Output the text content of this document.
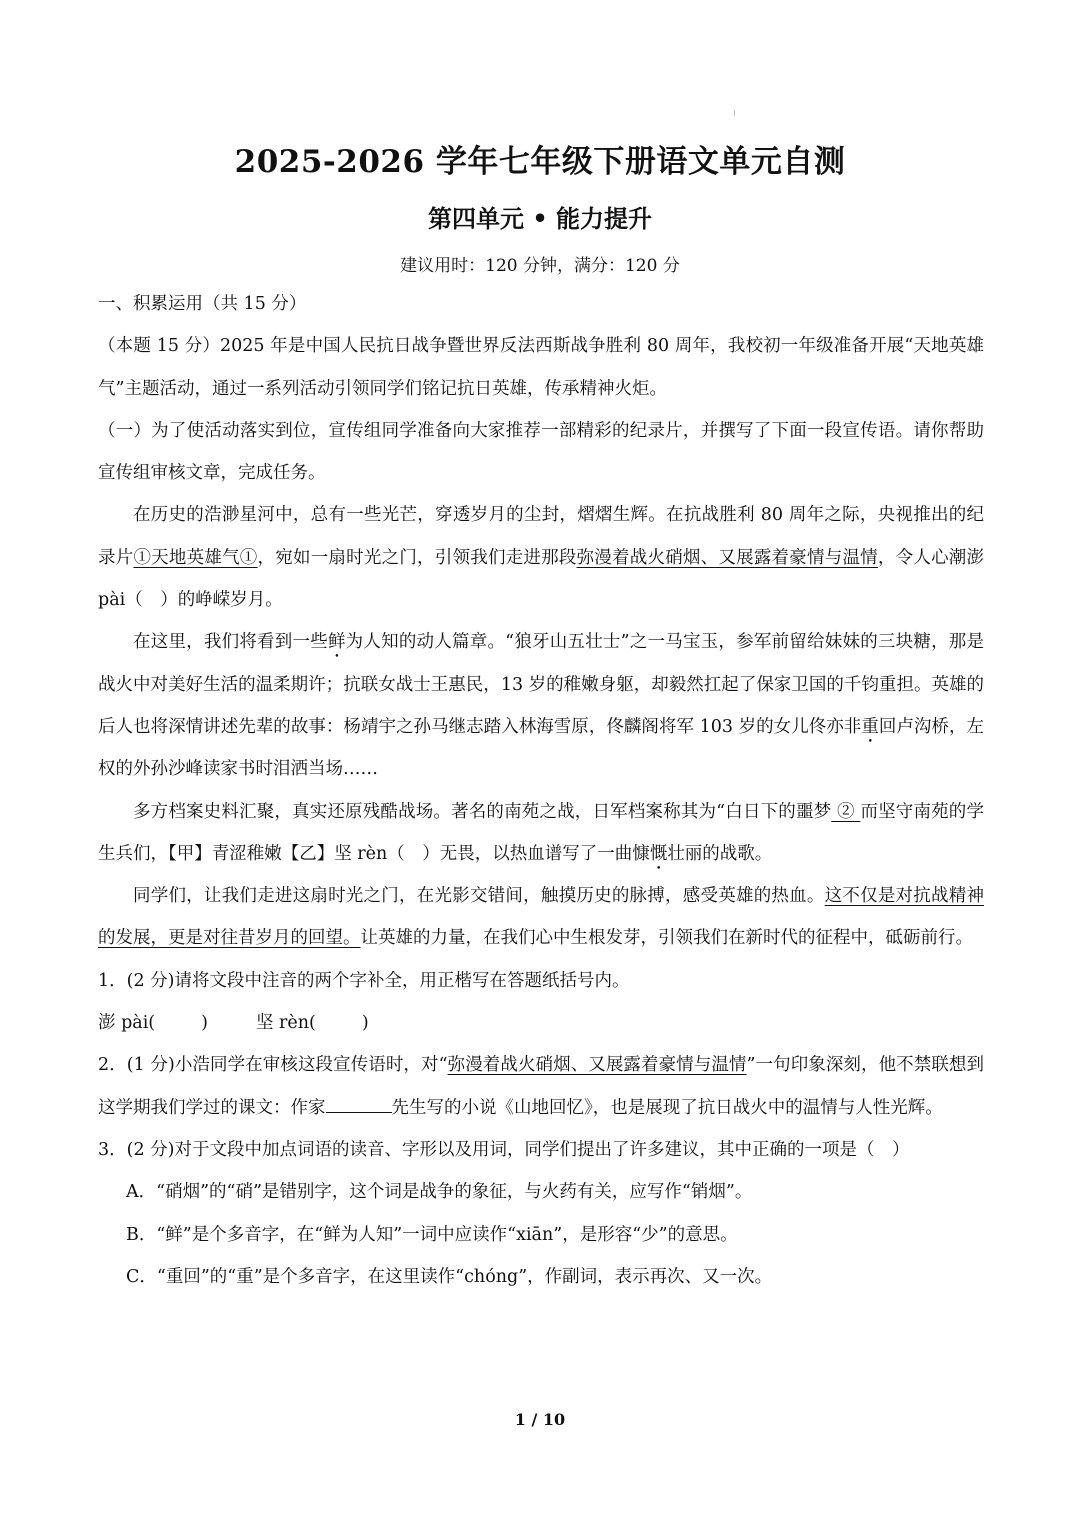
2025-2026 学年七年级下册语文单元自测
第四单元 • 能力提升
建议用时：120 分钟，满分：120 分
一、积累运用（共 15 分）
（本题 15 分）2025 年是中国人民抗日战争暨世界反法西斯战争胜利 80 周年，我校初一年级准备开展“天地英雄气”主题活动，通过一系列活动引领同学们铭记抗日英雄，传承精神火炬。
（一）为了使活动落实到位，宣传组同学准备向大家推荐一部精彩的纪录片，并撰写了下面一段宣传语。请你帮助宣传组审核文章，完成任务。
在历史的浩渺星河中，总有一些光芒，穿透岁月的尘封，熠熠生辉。在抗战胜利 80 周年之际，央视推出的纪录片①天地英雄气①，宛如一扇时光之门，引领我们走进那段弥漫着战火硝烟、又展露着豪情与温情，令人心潮澎 pài（　）的峥嵘岁月。
在这里，我们将看到一些鲜为人知的动人篇章。“狼牙山五壮士”之一马宝玉，参军前留给妹妹的三块糖，那是战火中对美好生活的温柔期许；抗联女战士王惠民，13 岁的稚嫩身躯，却毅然扛起了保家卫国的千钧重担。英雄的后人也将深情讲述先辈的故事：杨靖宇之孙马继志踏入林海雪原，佟麟阁将军 103 岁的女儿佟亦非重回卢沟桥，左权的外孙沙峰读家书时泪洒当场……
多方档案史料汇聚，真实还原残酷战场。著名的南苑之战，日军档案称其为“白日下的噩梦 ② 而坚守南苑的学生兵们，【甲】青涩稚嫩【乙】坚 rèn（　）无畏，以热血谱写了一曲慷慨壮丽的战歌。
同学们，让我们走进这扇时光之门，在光影交错间，触摸历史的脉搏，感受英雄的热血。这不仅是对抗战精神的发展，更是对往昔岁月的回望。让英雄的力量，在我们心中生根发芽，引领我们在新时代的征程中，砥砺前行。
1．(2 分)请将文段中注音的两个字补全，用正楷写在答题纸括号内。
澎 pài(	)	坚 rèn(	)
2．(1 分)小浩同学在审核这段宣传语时，对“弥漫着战火硝烟、又展露着豪情与温情”一句印象深刻，他不禁联想到这学期我们学过的课文：作家	先生写的小说《山地回忆》，也是展现了抗日战火中的温情与人性光辉。
3．(2 分)对于文段中加点词语的读音、字形以及用词，同学们提出了许多建议，其中正确的一项是（　）
A．“硝烟”的“硝”是错别字，这个词是战争的象征，与火药有关，应写作“销烟”。
B．“鲜”是个多音字，在“鲜为人知”一词中应读作“xiān”，是形容“少”的意思。
C．“重回”的“重”是个多音字，在这里读作“chóng”，作副词，表示再次、又一次。
1 / 10
